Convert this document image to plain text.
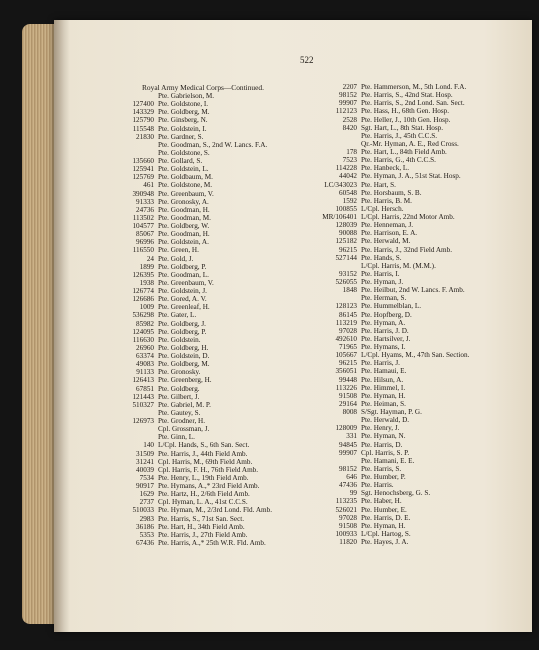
522
Royal Army Medical Corps—Continued.
Pte. Gabrielson, M.
127400 Pte. Goldstone, I.
143329 Pte. Goldberg, M.
125790 Pte. Ginsberg, N.
115548 Pte. Goldstein, I.
21830 Pte. Gardner, S.
Pte. Goodman, S., 2nd W. Lancs. F.A.
Pte. Goldstone, S.
135660 Pte. Gollard, S.
125941 Pte. Goldstein, L.
125769 Pte. Goldbaum, M.
461 Pte. Goldstone, M.
390948 Pte. Greenbaum, V.
91333 Pte. Gronosky, A.
24736 Pte. Goodman, H.
113502 Pte. Goodman, M.
104577 Pte. Goldberg, W.
85067 Pte. Goodman, H.
96996 Pte. Goldstein, A.
116550 Pte. Green, H.
24 Pte. Gold, J.
1899 Pte. Goldberg, P.
126395 Pte. Goodman, L.
1938 Pte. Greenbaum, V.
126774 Pte. Goldstein, J.
126686 Pte. Gored, A. V.
1009 Pte. Greenleaf, H.
536298 Pte. Gater, L.
85982 Pte. Goldberg, J.
124095 Pte. Goldberg, P.
116630 Pte. Goldstein.
26960 Pte. Goldberg, H.
63374 Pte. Goldstein, D.
49083 Pte. Goldberg, M.
91133 Pte. Gronosky.
126413 Pte. Greenberg, H.
67851 Pte. Goldberg.
121443 Pte. Gilbert, J.
510327 Pte. Gabriel, M. P.
Pte. Gautey, S.
126973 Pte. Grodner, H.
Cpl. Grossman, J.
Pte. Ginn, L.
140 L/Cpl. Hands, S., 6th San. Sect.
31509 Pte. Harris, J., 44th Field Amb.
31241 Cpl. Harris, M., 69th Field Amb.
40039 Cpl. Harris, F. H., 76th Field Amb.
7534 Pte. Henry, L., 19th Field Amb.
90917 Pte. Hymans, A.,* 23rd Field Amb.
1629 Pte. Hartz, H., 2/6th Field Amb.
2737 Cpl. Hyman, L. A., 41st C.C.S.
510033 Pte. Hyman, M., 2/3rd Lond. Fld. Amb.
2983 Pte. Harris, S., 71st San. Sect.
36186 Pte. Hart, H., 34th Field Amb.
5353 Pte. Harris, J., 27th Field Amb.
67436 Pte. Harris, A.,* 25th W.R. Fld. Amb.
2207 Pte. Hammerson, M., 5th Lond. F.A.
98152 Pte. Harris, S., 42nd Stat. Hosp.
99907 Pte. Harris, S., 2nd Lond. San. Sect.
112123 Pte. Hass, H., 68th Gen. Hosp.
2528 Pte. Heller, J., 10th Gen. Hosp.
8420 Sgt. Hart, L., 8th Stat. Hosp.
Pte. Harris, J., 45th C.C.S.
Qr.-Mr. Hyman, A. E., Red Cross.
178 Pte. Hart, L., 84th Field Amb.
7523 Pte. Harris, G., 4th C.C.S.
114228 Pte. Hanbeck, L.
44042 Pte. Hyman, J. A., 51st Stat. Hosp.
LC/343023 Pte. Hart, S.
60548 Pte. Horsbaum, S. B.
1592 Pte. Harris, B. M.
100855 L/Cpl. Hersch.
MR/106401 L/Cpl. Harris, 22nd Motor Amb.
128039 Pte. Henneman, J.
90088 Pte. Harrison, E. A.
125182 Pte. Herwald, M.
96215 Pte. Harris, J., 32nd Field Amb.
527144 Pte. Hands, S.
L/Cpl. Harris, M. (M.M.).
93152 Pte. Harris, I.
526055 Pte. Hyman, J.
1848 Pte. Heilbut, 2nd W. Lancs. F. Amb.
Pte. Herman, S.
128123 Pte. Hummelblan, L.
86145 Pte. Hopfberg, D.
113219 Pte. Hyman, A.
97028 Pte. Harris, J. D.
492610 Pte. Hartsilver, J.
71965 Pte. Hymans, I.
105667 L/Cpl. Hyams, M., 47th San. Section.
96215 Pte. Harris, J.
356051 Pte. Hamaui, E.
99448 Pte. Hilsun, A.
113226 Pte. Himmel, I.
91508 Pte. Hyman, H.
29164 Pte. Heiman, S.
8008 S/Sgt. Hayman, P. G.
Pte. Herwald, D.
128009 Pte. Henry, J.
331 Pte. Hyman, N.
94845 Pte. Harris, D.
99907 Cpl. Harris, S. P.
Pte. Hamani, E. E.
98152 Pte. Harris, S.
646 Pte. Humber, P.
47436 Pte. Harris.
99 Sgt. Henochsberg, G. S.
113235 Pte. Haber, H.
526021 Pte. Humber, E.
97028 Pte. Harris, D. E.
91508 Pte. Hyman, H.
100933 L/Cpl. Hartog, S.
11820 Pte. Hayes, J. A.
